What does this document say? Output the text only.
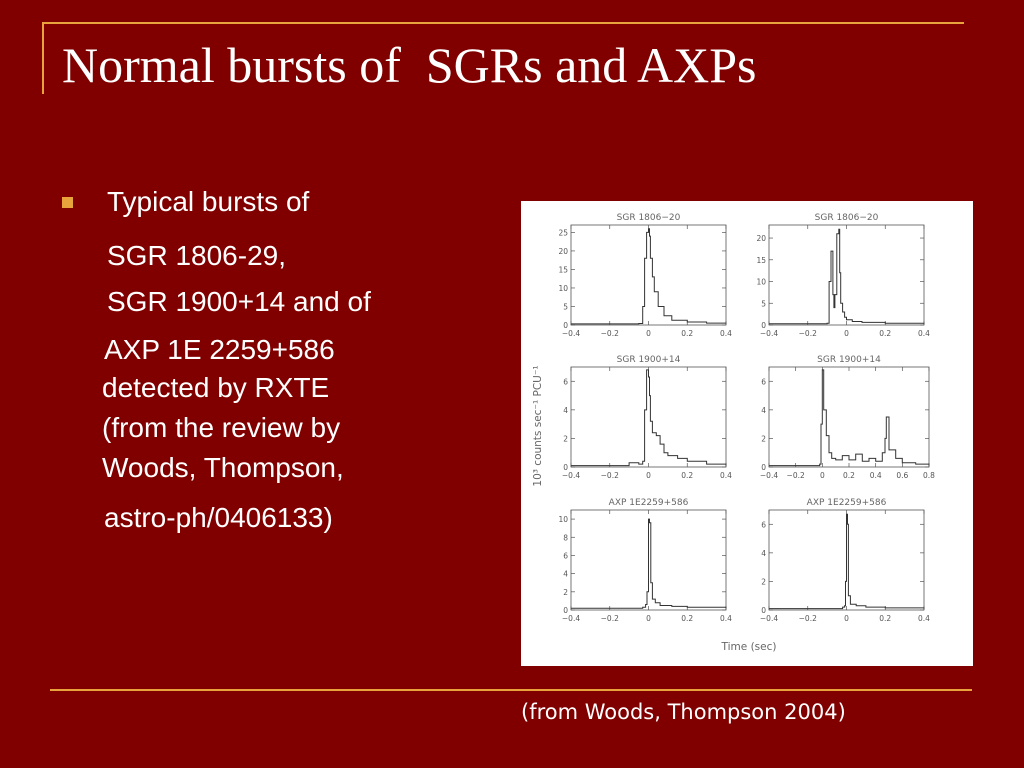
Normal bursts of  SGRs and AXPs
Typical bursts of
SGR 1806-29,
SGR 1900+14 and of
AXP 1E 2259+586
detected by RXTE
(from the review by
Woods, Thompson,
astro-ph/0406133)
SGR 1806−20
−0.4	−0.2	0	0.2	0.4
0
5
10
15
20
25
SGR 1806−20
−0.4	−0.2	0	0.2	0.4
0
5
10
15
20
SGR 1900+14
−0.4	−0.2	0	0.2	0.4
0
2
4
6
SGR 1900+14
−0.4 −0.2 0 0.2 0.4 0.6 0.8
0
2
4
6
AXP 1E2259+586
−0.4	−0.2	0	0.2	0.4
0
2
4
6
8
10
AXP 1E2259+586
−0.4	−0.2	0	0.2	0.4
0
2
4
6
Time (sec)
10³ counts sec⁻¹ PCU⁻¹
(from Woods, Thompson 2004)
